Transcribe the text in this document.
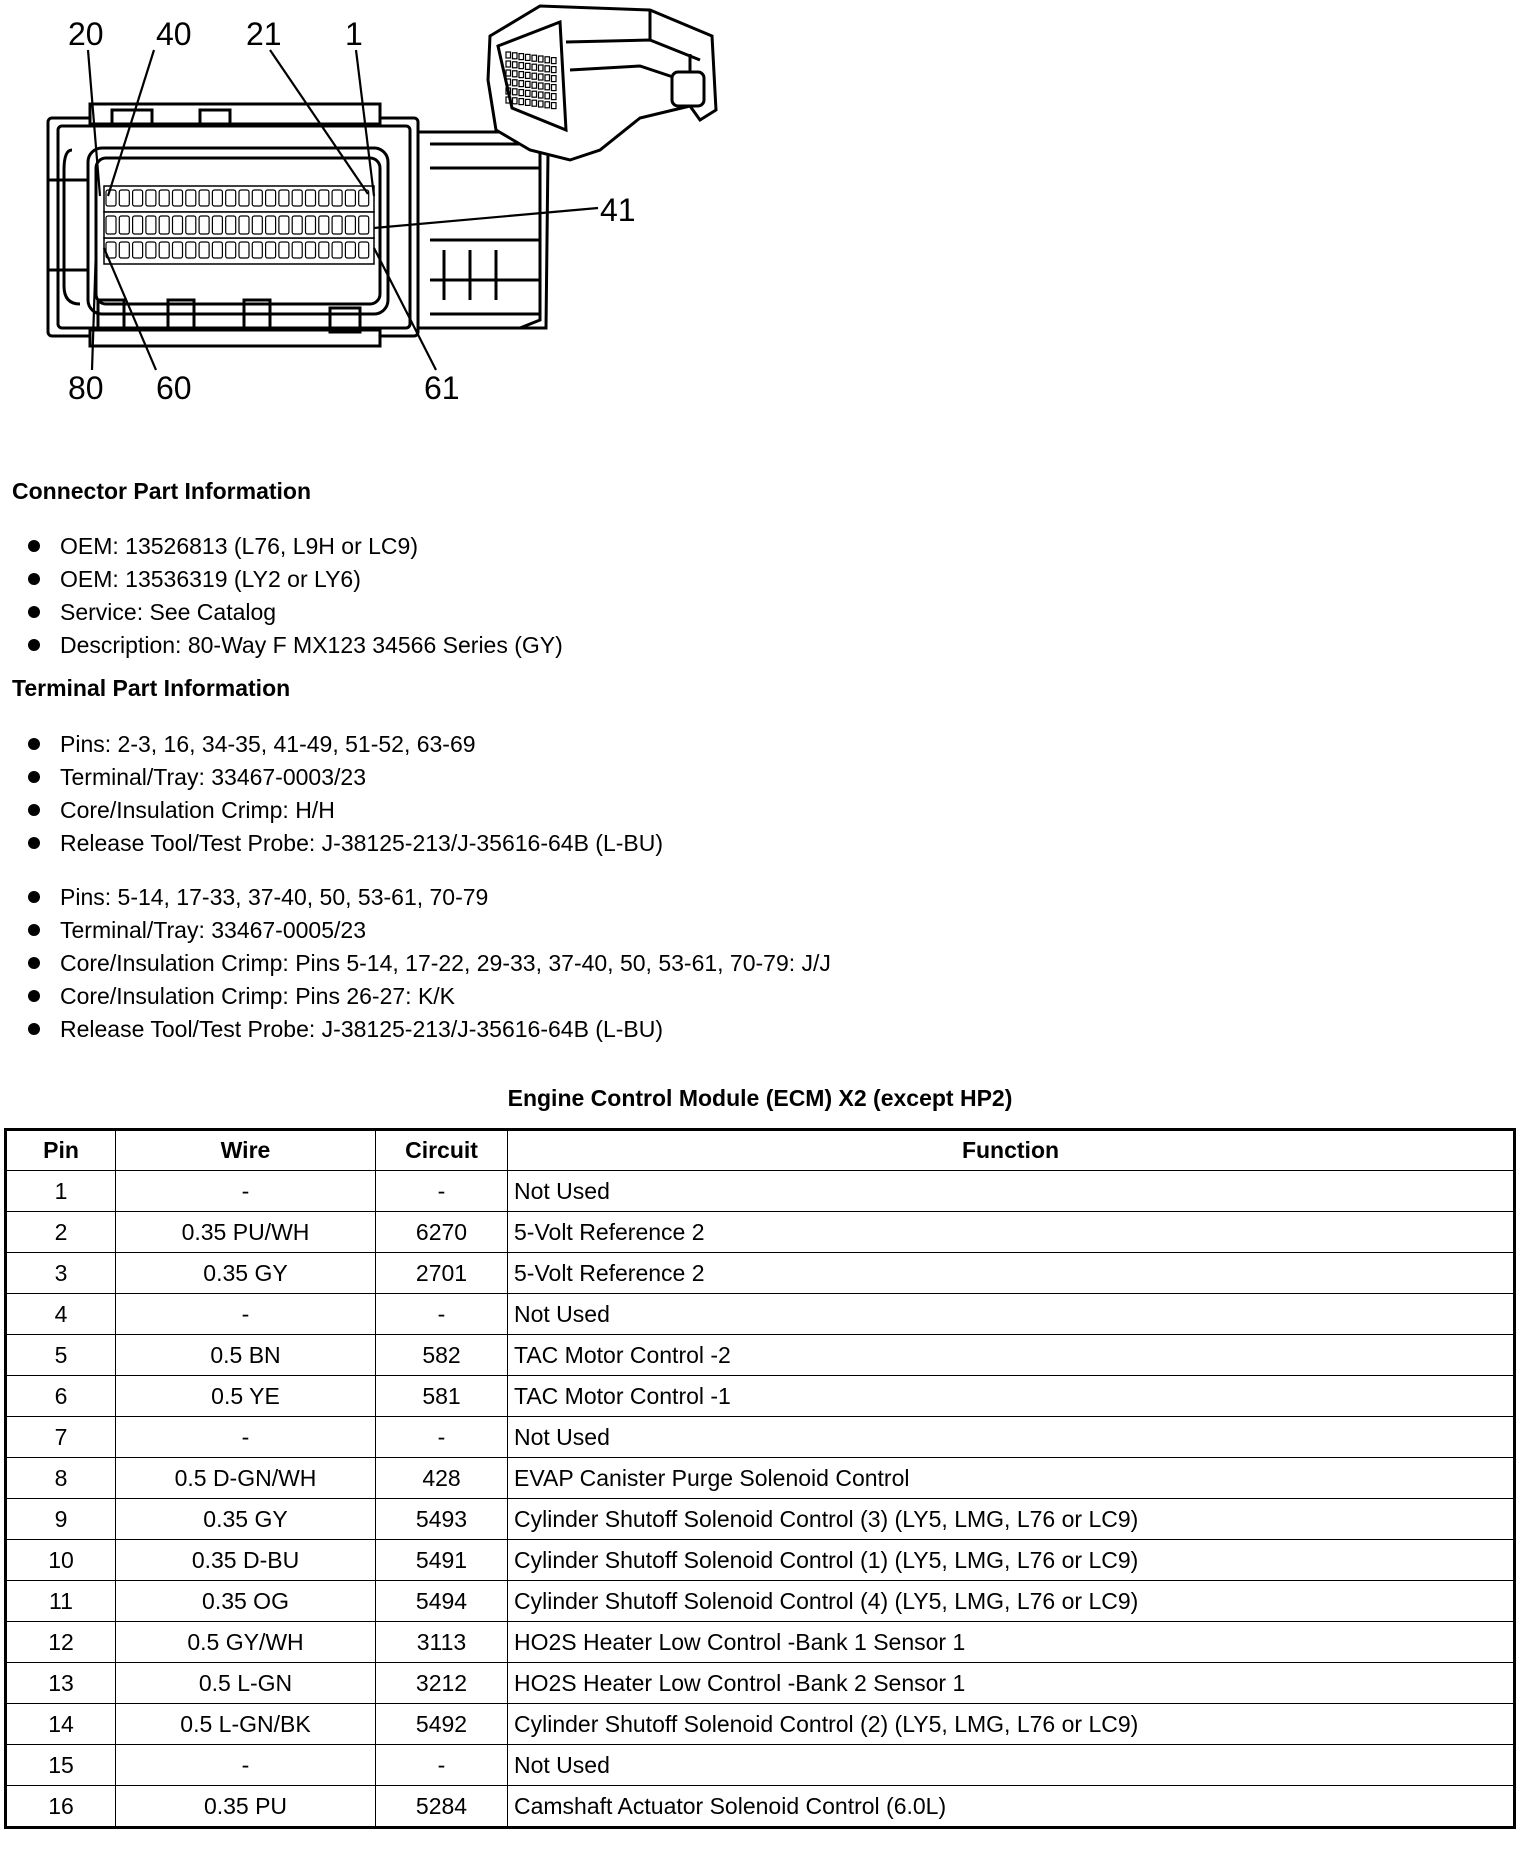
20 40 21 1
41
80 60	61
Connector Part Information
OEM: 13526813 (L76, L9H or LC9)
OEM: 13536319 (LY2 or LY6)
Service: See Catalog
Description: 80-Way F MX123 34566 Series (GY)
Terminal Part Information
Pins: 2-3, 16, 34-35, 41-49, 51-52, 63-69
Terminal/Tray: 33467-0003/23
Core/Insulation Crimp: H/H
Release Tool/Test Probe: J-38125-213/J-35616-64B (L-BU)
Pins: 5-14, 17-33, 37-40, 50, 53-61, 70-79
Terminal/Tray: 33467-0005/23
Core/Insulation Crimp: Pins 5-14, 17-22, 29-33, 37-40, 50, 53-61, 70-79: J/J
Core/Insulation Crimp: Pins 26-27: K/K
Release Tool/Test Probe: J-38125-213/J-35616-64B (L-BU)
Engine Control Module (ECM) X2 (except HP2)
Pin	Wire	Circuit	Function
1	-	-	Not Used
2	0.35 PU/WH	6270	5-Volt Reference 2
3	0.35 GY	2701	5-Volt Reference 2
4	-	-	Not Used
5	0.5 BN	582	TAC Motor Control -2
6	0.5 YE	581	TAC Motor Control -1
7	-	-	Not Used
8	0.5 D-GN/WH	428	EVAP Canister Purge Solenoid Control
9	0.35 GY	5493	Cylinder Shutoff Solenoid Control (3) (LY5, LMG, L76 or LC9)
10	0.35 D-BU	5491	Cylinder Shutoff Solenoid Control (1) (LY5, LMG, L76 or LC9)
11	0.35 OG	5494	Cylinder Shutoff Solenoid Control (4) (LY5, LMG, L76 or LC9)
12	0.5 GY/WH	3113	HO2S Heater Low Control -Bank 1 Sensor 1
13	0.5 L-GN	3212	HO2S Heater Low Control -Bank 2 Sensor 1
14	0.5 L-GN/BK	5492	Cylinder Shutoff Solenoid Control (2) (LY5, LMG, L76 or LC9)
15	-	-	Not Used
16	0.35 PU	5284	Camshaft Actuator Solenoid Control (6.0L)
